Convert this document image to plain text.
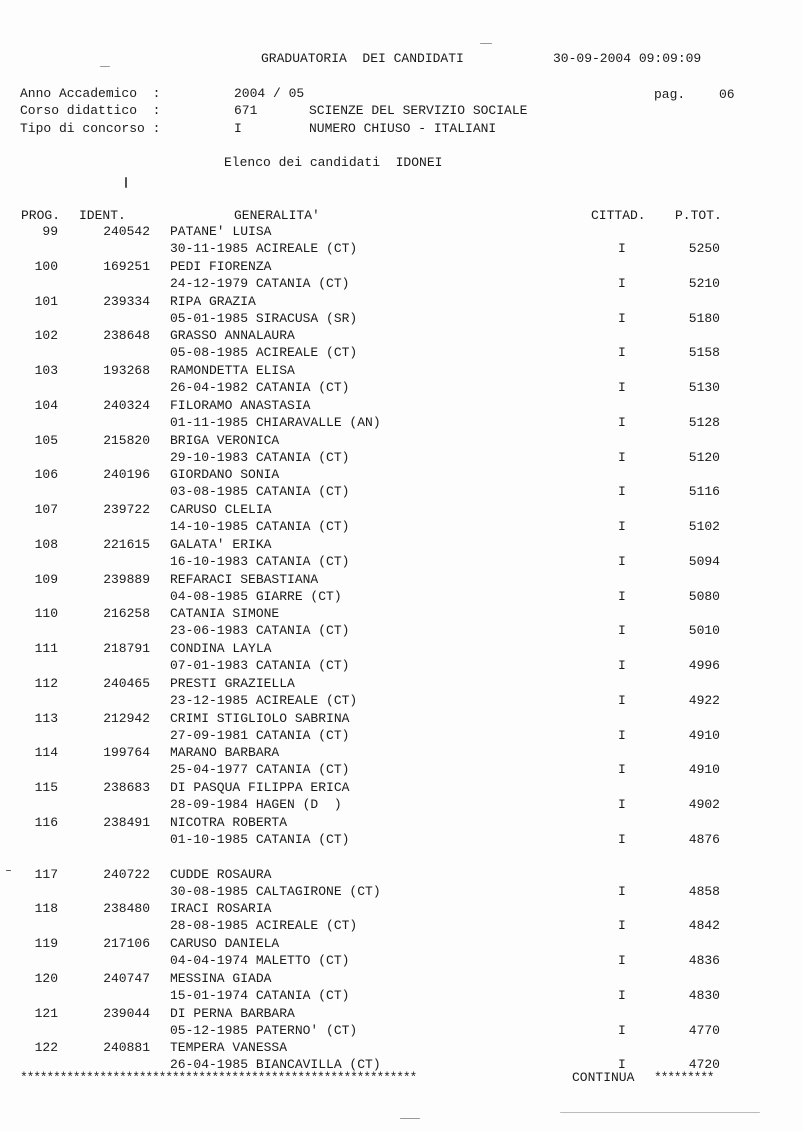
GRADUATORIA  DEI CANDIDATI	30-09-2004 09:09:09
Anno Accademico  :	2004 / 05	pag.	06
Corso didattico  :	671	SCIENZE DEL SERVIZIO SOCIALE
Tipo di concorso :	I	NUMERO CHIUSO - ITALIANI
Elenco dei candidati  IDONEI
PROG. IDENT.	GENERALITA'	CITTAD. P.TOT.
99	240542 PATANE' LUISA
30-11-1985 ACIREALE (CT)	I	5250
100	169251 PEDI FIORENZA
24-12-1979 CATANIA (CT)	I	5210
101	239334 RIPA GRAZIA
05-01-1985 SIRACUSA (SR)	I	5180
102	238648 GRASSO ANNALAURA
05-08-1985 ACIREALE (CT)	I	5158
103	193268 RAMONDETTA ELISA
26-04-1982 CATANIA (CT)	I	5130
104	240324 FILORAMO ANASTASIA
01-11-1985 CHIARAVALLE (AN)	I	5128
105	215820 BRIGA VERONICA
29-10-1983 CATANIA (CT)	I	5120
106	240196 GIORDANO SONIA
03-08-1985 CATANIA (CT)	I	5116
107	239722 CARUSO CLELIA
14-10-1985 CATANIA (CT)	I	5102
108	221615 GALATA' ERIKA
16-10-1983 CATANIA (CT)	I	5094
109	239889 REFARACI SEBASTIANA
04-08-1985 GIARRE (CT)	I	5080
110	216258 CATANIA SIMONE
23-06-1983 CATANIA (CT)	I	5010
111	218791 CONDINA LAYLA
07-01-1983 CATANIA (CT)	I	4996
112	240465 PRESTI GRAZIELLA
23-12-1985 ACIREALE (CT)	I	4922
113	212942 CRIMI STIGLIOLO SABRINA
27-09-1981 CATANIA (CT)	I	4910
114	199764 MARANO BARBARA
25-04-1977 CATANIA (CT)	I	4910
115	238683 DI PASQUA FILIPPA ERICA
28-09-1984 HAGEN (D  )	I	4902
116	238491 NICOTRA ROBERTA
01-10-1985 CATANIA (CT)	I	4876
117	240722 CUDDE ROSAURA
30-08-1985 CALTAGIRONE (CT)	I	4858
118	238480 IRACI ROSARIA
28-08-1985 ACIREALE (CT)	I	4842
119	217106 CARUSO DANIELA
04-04-1974 MALETTO (CT)	I	4836
120	240747 MESSINA GIADA
15-01-1974 CATANIA (CT)	I	4830
121	239044 DI PERNA BARBARA
05-12-1985 PATERNO' (CT)	I	4770
122	240881 TEMPERA VANESSA
26-04-1985 BIANCAVILLA (CT)	I	4720
************************************************************	CONTINUA *********
